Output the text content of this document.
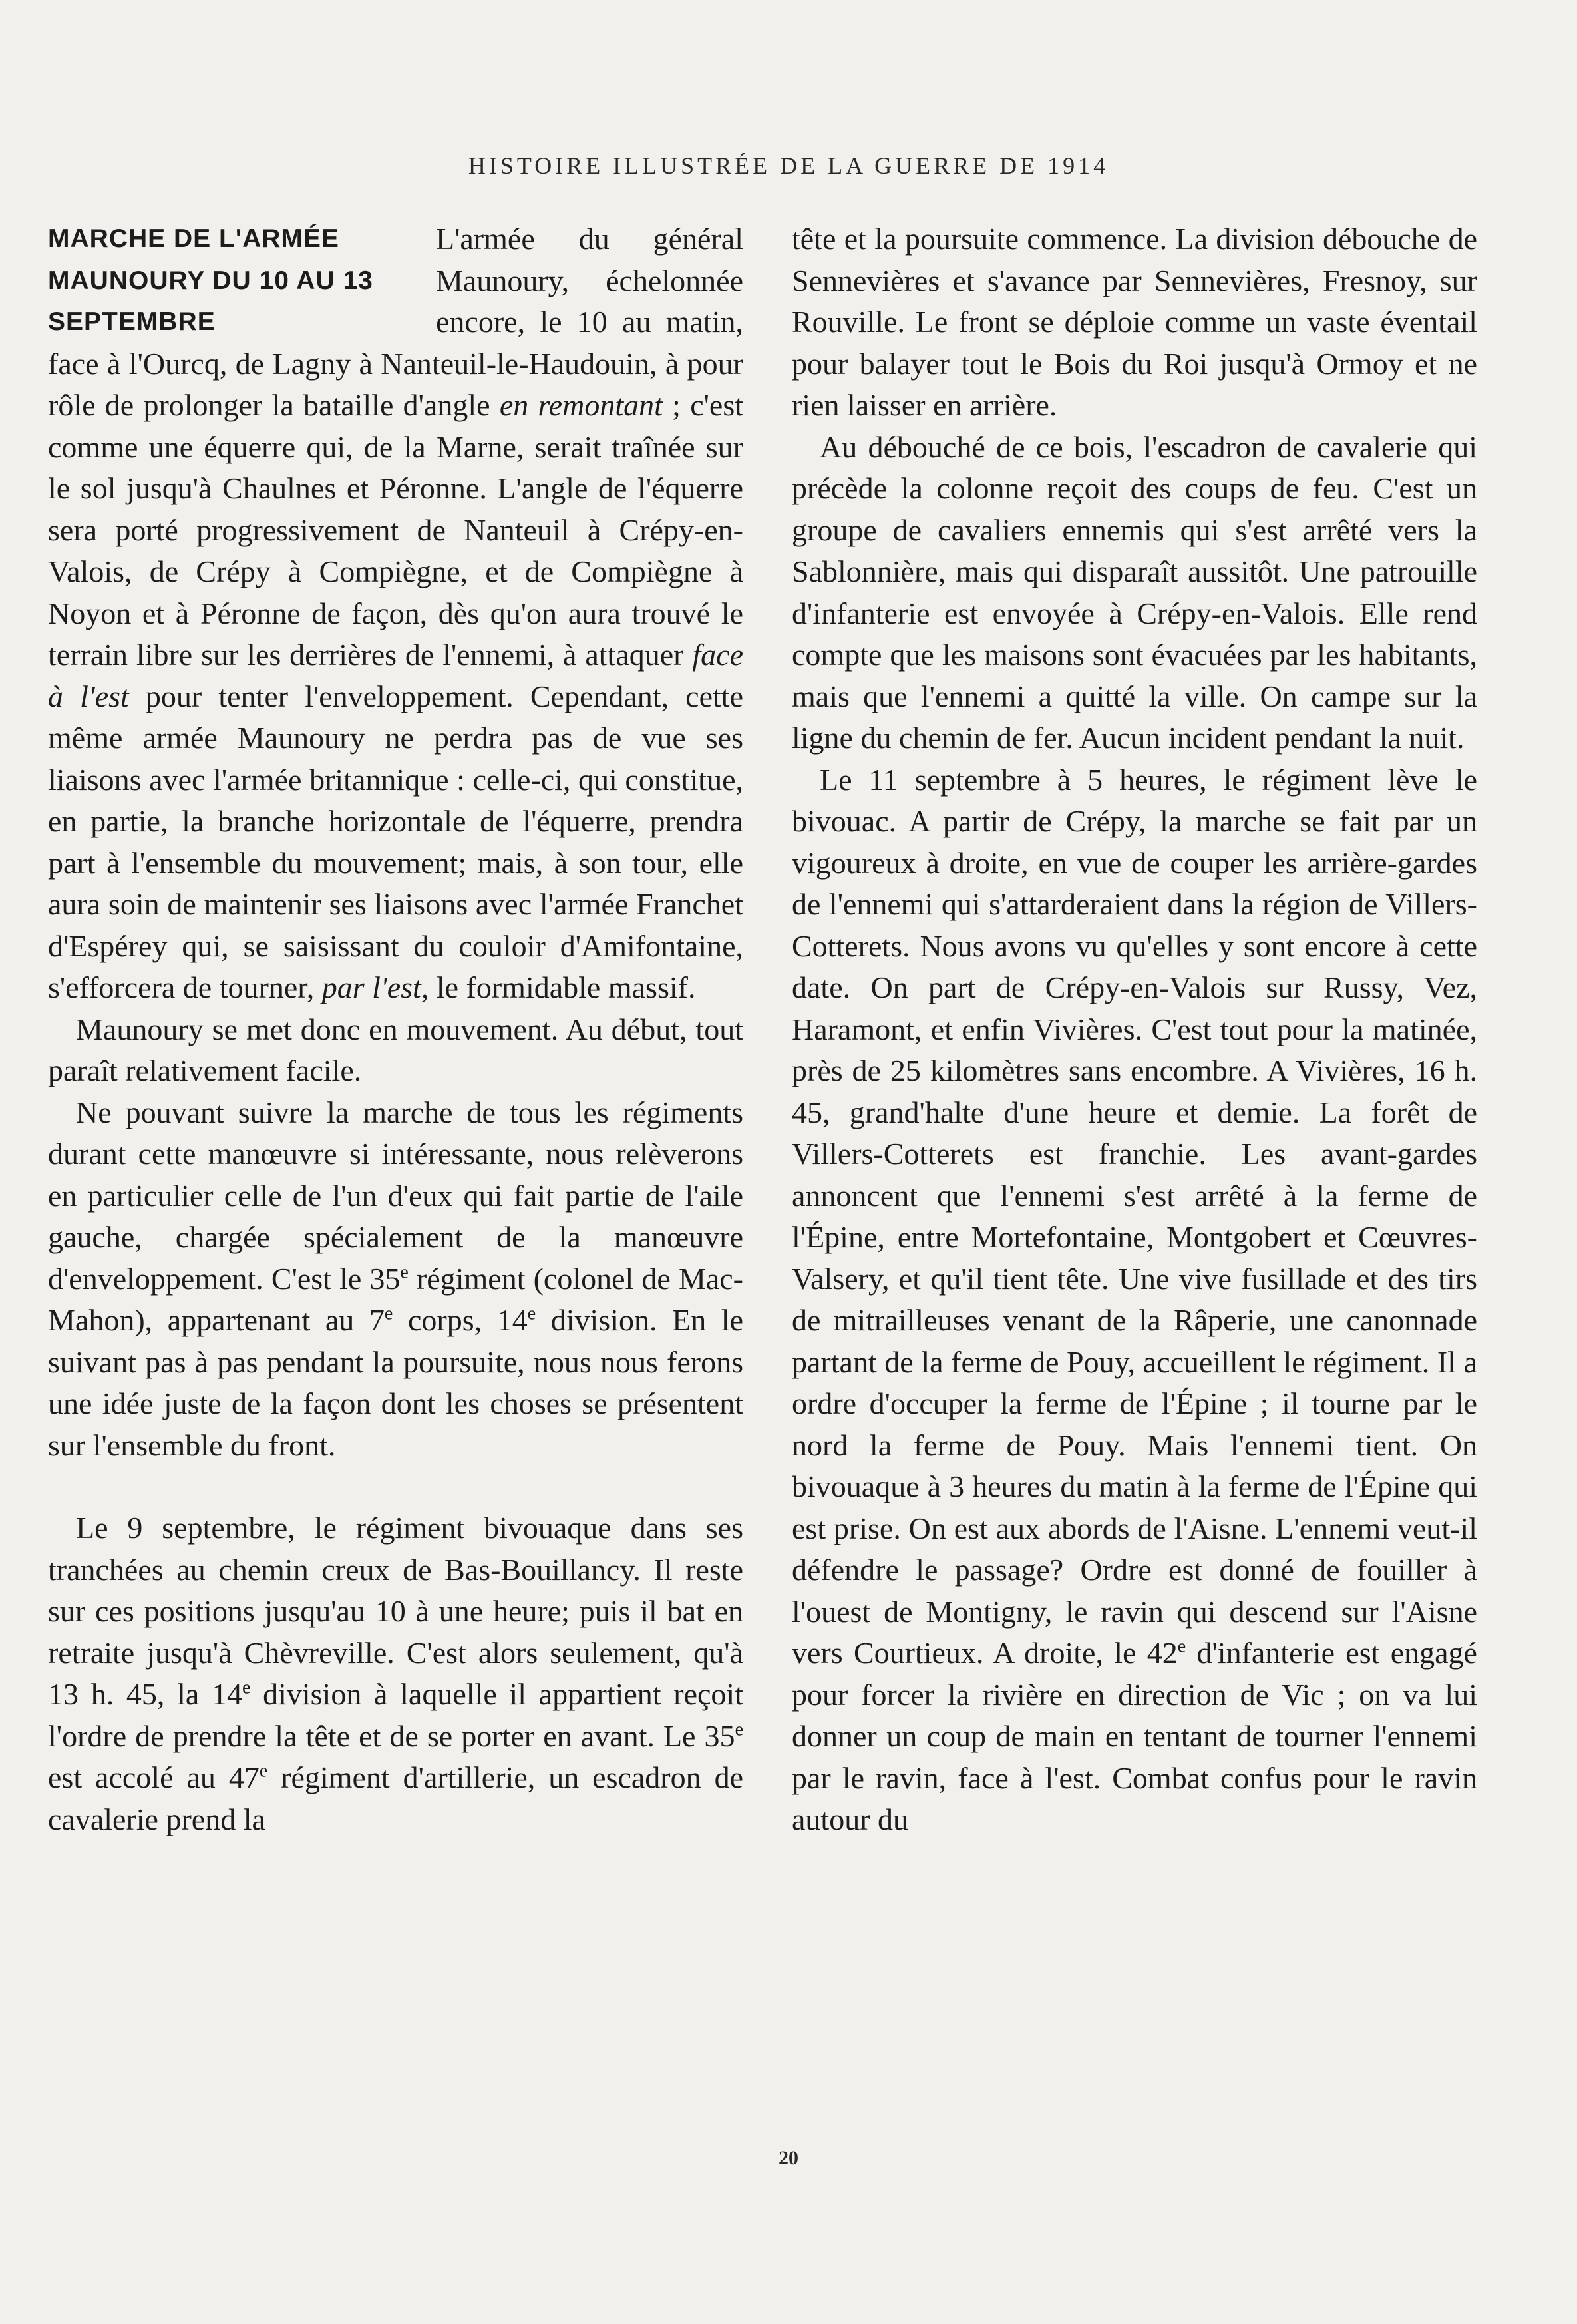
HISTOIRE ILLUSTRÉE DE LA GUERRE DE 1914
MARCHE DE L'ARMÉE MAUNOURY DU 10 AU 13 SEPTEMBRE

L'armée du général Maunoury, échelonnée encore, le 10 au matin, face à l'Ourcq, de Lagny à Nanteuil-le-Haudouin, à pour rôle de prolonger la bataille d'angle en remontant ; c'est comme une équerre qui, de la Marne, serait traînée sur le sol jusqu'à Chaulnes et Péronne. L'angle de l'équerre sera porté progressivement de Nanteuil à Crépy-en-Valois, de Crépy à Compiègne, et de Compiègne à Noyon et à Péronne de façon, dès qu'on aura trouvé le terrain libre sur les derrières de l'ennemi, à attaquer face à l'est pour tenter l'enveloppement. Cependant, cette même armée Maunoury ne perdra pas de vue ses liaisons avec l'armée britannique : celle-ci, qui constitue, en partie, la branche horizontale de l'équerre, prendra part à l'ensemble du mouvement; mais, à son tour, elle aura soin de maintenir ses liaisons avec l'armée Franchet d'Espérey qui, se saisissant du couloir d'Amifontaine, s'efforcera de tourner, par l'est, le formidable massif.

Maunoury se met donc en mouvement. Au début, tout paraît relativement facile.

Ne pouvant suivre la marche de tous les régiments durant cette manœuvre si intéressante, nous relèverons en particulier celle de l'un d'eux qui fait partie de l'aile gauche, chargée spécialement de la manœuvre d'enveloppement. C'est le 35e régiment (colonel de Mac-Mahon), appartenant au 7e corps, 14e division. En le suivant pas à pas pendant la poursuite, nous nous ferons une idée juste de la façon dont les choses se présentent sur l'ensemble du front.

Le 9 septembre, le régiment bivouaque dans ses tranchées au chemin creux de Bas-Bouillancy. Il reste sur ces positions jusqu'au 10 à une heure; puis il bat en retraite jusqu'à Chèvreville. C'est alors seulement, qu'à 13 h. 45, la 14e division à laquelle il appartient reçoit l'ordre de prendre la tête et de se porter en avant. Le 35e est accolé au 47e régiment d'artillerie, un escadron de cavalerie prend la

tête et la poursuite commence. La division débouche de Sennevières et s'avance par Sennevières, Fresnoy, sur Rouville. Le front se déploie comme un vaste éventail pour balayer tout le Bois du Roi jusqu'à Ormoy et ne rien laisser en arrière.

Au débouché de ce bois, l'escadron de cavalerie qui précède la colonne reçoit des coups de feu. C'est un groupe de cavaliers ennemis qui s'est arrêté vers la Sablonnière, mais qui disparaît aussitôt. Une patrouille d'infanterie est envoyée à Crépy-en-Valois. Elle rend compte que les maisons sont évacuées par les habitants, mais que l'ennemi a quitté la ville. On campe sur la ligne du chemin de fer. Aucun incident pendant la nuit.

Le 11 septembre à 5 heures, le régiment lève le bivouac. A partir de Crépy, la marche se fait par un vigoureux à droite, en vue de couper les arrière-gardes de l'ennemi qui s'attarderaient dans la région de Villers-Cotterets. Nous avons vu qu'elles y sont encore à cette date. On part de Crépy-en-Valois sur Russy, Vez, Haramont, et enfin Vivières. C'est tout pour la matinée, près de 25 kilomètres sans encombre. A Vivières, 16 h. 45, grand'halte d'une heure et demie. La forêt de Villers-Cotterets est franchie. Les avant-gardes annoncent que l'ennemi s'est arrêté à la ferme de l'Épine, entre Mortefontaine, Montgobert et Cœuvres-Valsery, et qu'il tient tête. Une vive fusillade et des tirs de mitrailleuses venant de la Râperie, une canonnade partant de la ferme de Pouy, accueillent le régiment. Il a ordre d'occuper la ferme de l'Épine ; il tourne par le nord la ferme de Pouy. Mais l'ennemi tient. On bivouaque à 3 heures du matin à la ferme de l'Épine qui est prise. On est aux abords de l'Aisne. L'ennemi veut-il défendre le passage? Ordre est donné de fouiller à l'ouest de Montigny, le ravin qui descend sur l'Aisne vers Courtieux. A droite, le 42e d'infanterie est engagé pour forcer la rivière en direction de Vic ; on va lui donner un coup de main en tentant de tourner l'ennemi par le ravin, face à l'est. Combat confus pour le ravin autour du

20
